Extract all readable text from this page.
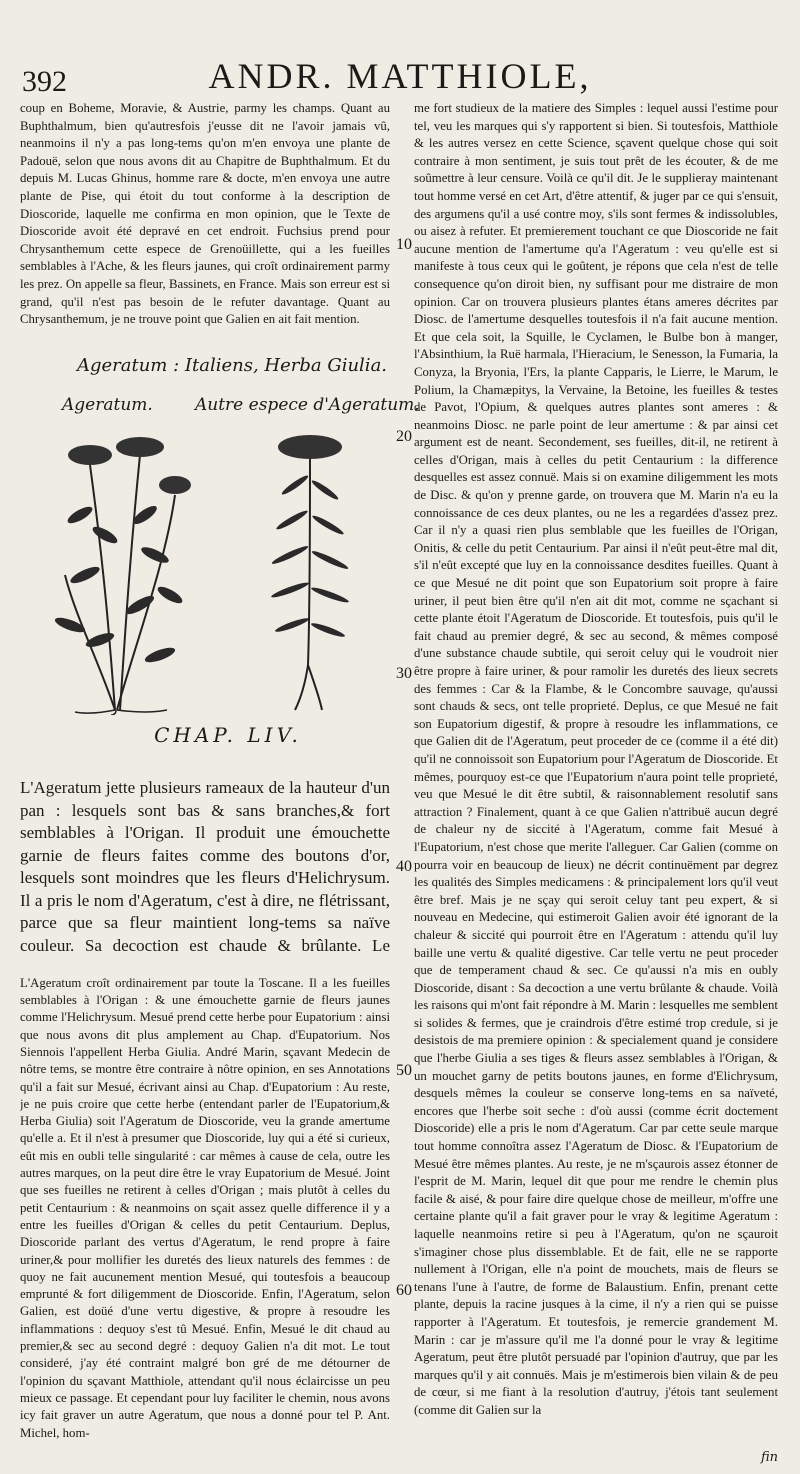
392	ANDR. MATTHIOLE,

coup en Boheme, Moravie, & Austrie, parmy les champs. Quant au Buphthalmum, bien qu'autresfois j'eusse dit ne l'avoir jamais vû, neanmoins il n'y a pas long-tems qu'on m'en envoya une plante de Padouë, selon que nous avons dit au Chapitre de Buphthalmum. Et du depuis M. Lucas Ghinus, homme rare & docte, m'en envoya une autre plante de Pise, qui étoit du tout conforme à la description de Dioscoride, laquelle me confirma en mon opinion, que le Texte de Dioscoride avoit été depravé en cet endroit. Fuchsius prend pour Chrysanthemum cette espece de Grenoüillette, qui a les fueilles semblables à l'Ache, & les fleurs jaunes, qui croît ordinairement parmy les prez. On appelle sa fleur, Bassinets, en France. Mais son erreur est si grand, qu'il n'est pas besoin de le refuter davantage. Quant au Chrysanthemum, je ne trouve point que Galien en ait fait mention.

Ageratum : Italiens, Herba Giulia.
Ageratum. Autre espece d'Ageratum.
CHAP. LIV.

L'Ageratum jette plusieurs rameaux de la hauteur d'un pan : lesquels sont bas & sans branches,& fort semblables à l'Origan. Il produit une émouchette garnie de fleurs faites comme des boutons d'or, lesquels sont moindres que les fleurs d'Helichrysum. Il a pris le nom d'Ageratum, c'est à dire, ne flétrissant, parce que sa fleur maintient long-tems sa naïve couleur. Sa decoction est chaude & brûlante. Le

L'Ageratum croît ordinairement par toute la Toscane. Il a les fueilles semblables à l'Origan : & une émouchette garnie de fleurs jaunes comme l'Helichrysum. Mesué prend cette herbe pour Eupatorium : ainsi que nous avons dit plus amplement au Chap. d'Eupatorium. Nos Siennois l'appellent Herba Giulia. André Marin, sçavant Medecin de nôtre tems, se montre être contraire à nôtre opinion, en ses Annotations qu'il a fait sur Mesué, écrivant ainsi au Chap. d'Eupatorium : Au reste, je ne puis croire que cette herbe (entendant parler de l'Eupatorium,& Herba Giulia) soit l'Ageratum de Dioscoride, veu la grande amertume qu'elle a. Et il n'est à presumer que Dioscoride, luy qui a été si curieux, eût mis en oubli telle singularité : car mêmes à cause de cela, outre les autres marques, on la peut dire être le vray Eupatorium de Mesué. Joint que ses fueilles ne retirent à celles d'Origan ; mais plutôt à celles du petit Centaurium : & neanmoins on sçait assez quelle difference il y a entre les fueilles d'Origan & celles du petit Centaurium. Deplus, Dioscoride parlant des vertus d'Ageratum, le rend propre à faire uriner,& pour mollifier les duretés des lieux naturels des femmes : de quoy ne fait aucunement mention Mesué, qui toutesfois a beaucoup emprunté & fort diligemment de Dioscoride. Enfin, l'Ageratum, selon Galien, est doüé d'une vertu digestive, & propre à resoudre les inflammations : dequoy s'est tû Mesué. Enfin, Mesué le dit chaud au premier,& sec au second degré : dequoy Galien n'a dit mot. Le tout consideré, j'ay été contraint malgré bon gré de me détourner de l'opinion du sçavant Matthiole, attendant qu'il nous éclaircisse un peu mieux ce passage. Et cependant pour luy faciliter le chemin, nous avons icy fait graver un autre Ageratum, que nous a donné pour tel P. Ant. Michel, hom-

me fort studieux de la matiere des Simples : lequel aussi l'estime pour tel, veu les marques qui s'y rapportent si bien. Si toutesfois, Matthiole & les autres versez en cette Science, sçavent quelque chose qui soit contraire à mon sentiment, je suis tout prêt de les écouter, & de me soûmettre à leur censure. Voilà ce qu'il dit. Je le supplieray maintenant tout homme versé en cet Art, d'être attentif, & juger par ce qui s'ensuit, des argumens qu'il a usé contre moy, s'ils sont fermes & indissolubles, ou aisez à refuter. Et premierement touchant ce que Dioscoride ne fait aucune mention de l'amertume qu'a l'Ageratum : veu qu'elle est si manifeste à tous ceux qui le goûtent, je répons que cela n'est de telle consequence qu'on diroit bien, ny suffisant pour me distraire de mon opinion. Car on trouvera plusieurs plantes étans ameres décrites par Diosc. de l'amertume desquelles toutesfois il n'a fait aucune mention. Et que cela soit, la Squille, le Cyclamen, le Bulbe bon à manger, l'Absinthium, la Ruë harmala, l'Hieracium, le Senesson, la Fumaria, la Conyza, la Bryonia, l'Ers, la plante Capparis, le Lierre, le Marum, le Polium, la Chamæpitys, la Vervaine, la Betoine, les fueilles & testes de Pavot, l'Opium, & quelques autres plantes sont ameres : & neanmoins Diosc. ne parle point de leur amertume : & par ainsi cet argument est de neant. Secondement, ses fueilles, dit-il, ne retirent à celles d'Origan, mais à celles du petit Centaurium : la difference desquelles est assez connuë. Mais si on examine diligemment les mots de Disc. & qu'on y prenne garde, on trouvera que M. Marin n'a eu la connoissance de ces deux plantes, ou ne les a regardées d'assez prez. Car il n'y a quasi rien plus semblable que les fueilles de l'Origan, Onitis, & celle du petit Centaurium. Par ainsi il n'eût peut-être mal dit, s'il n'eût excepté que luy en la connoissance desdites fueilles. Quant à ce que Mesué ne dit point que son Eupatorium soit propre à faire uriner, il peut bien être qu'il n'en ait dit mot, comme ne sçachant si cette plante étoit l'Ageratum de Dioscoride. Et toutesfois, puis qu'il le fait chaud au premier degré, & sec au second, & mêmes composé d'une substance chaude subtile, qui seroit celuy qui le voudroit nier être propre à faire uriner, & pour ramolir les duretés des lieux secrets des femmes : Car & la Flambe, & le Concombre sauvage, qu'aussi sont chauds & secs, ont telle proprieté. Deplus, ce que Mesué ne fait son Eupatorium digestif, & propre à resoudre les inflammations, ce que Galien dit de l'Ageratum, peut proceder de ce (comme il a été dit) qu'il ne connoissoit son Eupatorium pour l'Ageratum de Dioscoride. Et mêmes, pourquoy est-ce que l'Eupatorium n'aura point telle proprieté, veu que Mesué le dit être subtil, & raisonnablement resolutif sans attraction ? Finalement, quant à ce que Galien n'attribuë aucun degré de chaleur ny de siccité à l'Ageratum, comme fait Mesué à l'Eupatorium, n'est chose que merite l'alleguer. Car Galien (comme on pourra voir en beaucoup de lieux) ne décrit continuëment par degrez les qualités des Simples medicamens : & principalement lors qu'il veut être bref. Mais je ne sçay qui seroit celuy tant peu expert, & si nouveau en Medecine, qui estimeroit Galien avoir été ignorant de la chaleur & siccité qui pourroit être en l'Ageratum : attendu qu'il luy baille une vertu & qualité digestive. Car telle vertu ne peut proceder que de temperament chaud & sec. Ce qu'aussi n'a mis en oubly Dioscoride, disant : Sa decoction a une vertu brûlante & chaude. Voilà les raisons qui m'ont fait répondre à M. Marin : lesquelles me semblent si solides & fermes, que je craindrois d'être estimé trop credule, si je desistois de ma premiere opinion : & specialement quand je considere que l'herbe Giulia a ses tiges & fleurs assez semblables à l'Origan, & un mouchet garny de petits boutons jaunes, en forme d'Elichrysum, desquels mêmes la couleur se conserve long-tems en sa naïveté, encores que l'herbe soit seche : d'où aussi (comme écrit doctement Dioscoride) elle a pris le nom d'Ageratum. Car par cette seule marque tout homme connoîtra assez l'Ageratum de Diosc. & l'Eupatorium de Mesué être mêmes plantes. Au reste, je ne m'sçaurois assez étonner de l'esprit de M. Marin, lequel dit que pour me rendre le chemin plus facile & aisé, & pour faire dire quelque chose de meilleur, m'offre une certaine plante qu'il a fait graver pour le vray & legitime Ageratum : laquelle neanmoins retire si peu à l'Ageratum, qu'on ne sçauroit s'imaginer chose plus dissemblable. Et de fait, elle ne se rapporte nullement à l'Origan, elle n'a point de mouchets, mais de fleurs se tenans l'une à l'autre, de forme de Balaustium. Enfin, prenant cette plante, depuis la racine jusques à la cime, il n'y a rien qui se puisse rapporter à l'Ageratum. Et toutesfois, je remercie grandement M. Marin : car je m'assure qu'il me l'a donné pour le vray & legitime Ageratum, peut être plutôt persuadé par l'opinion d'autruy, que par les marques qu'il y ait connuës. Mais je m'estimerois bien vilain & de peu de cœur, si me fiant à la resolution d'autruy, j'étois tant seulement (comme dit Galien sur la

10
20
30
40
50
60
fin
